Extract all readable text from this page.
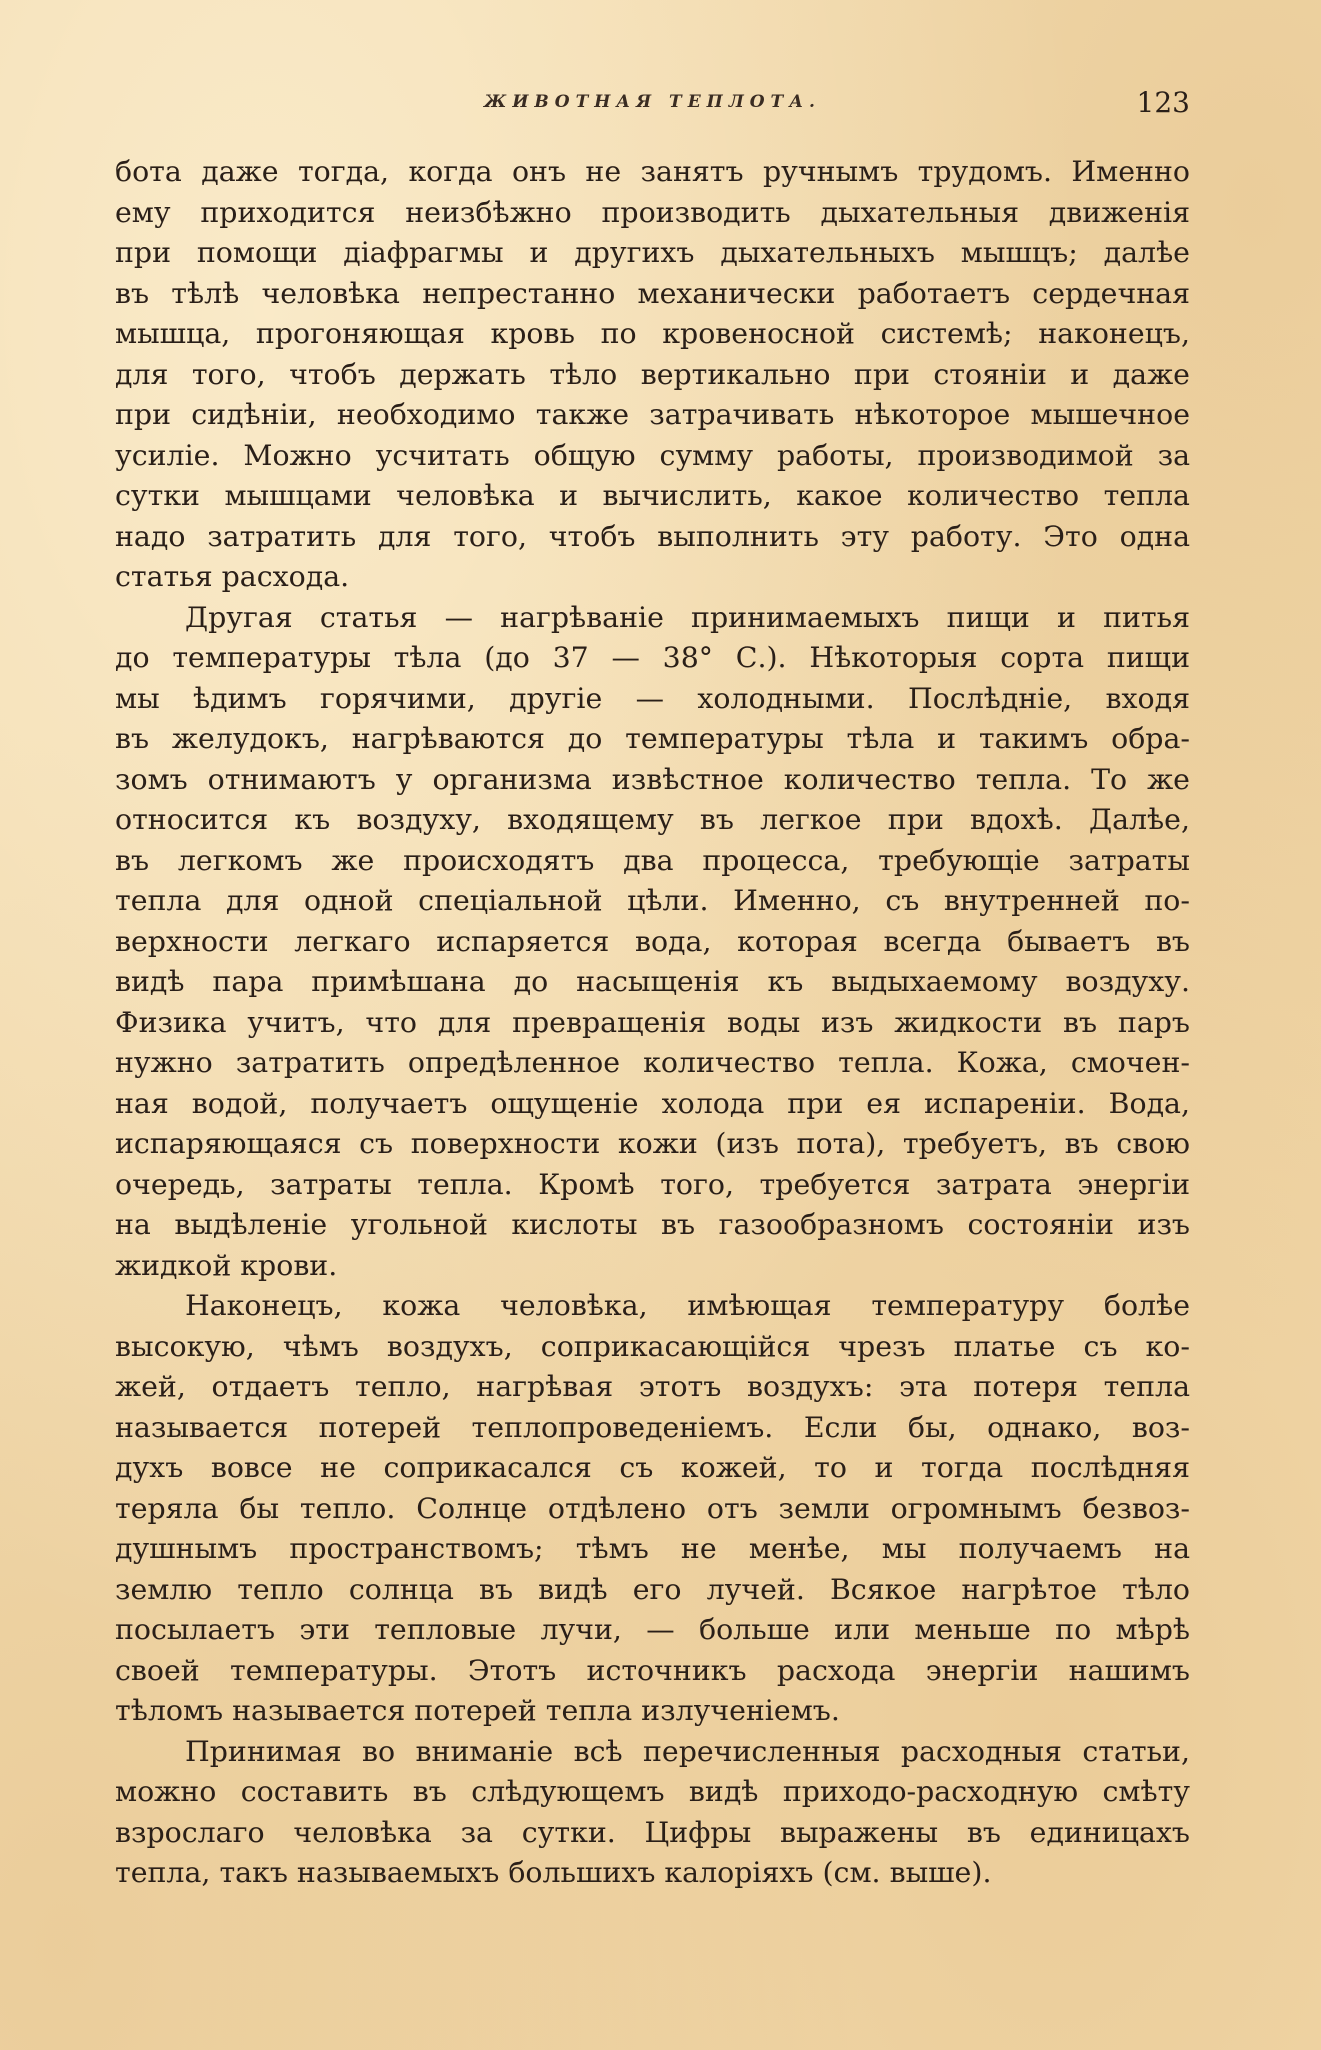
ЖИВОТНАЯ ТЕПЛОТА.	123
бота даже тогда, когда онъ не занятъ ручнымъ трудомъ. Именно
ему приходится неизбѣжно производить дыхательныя движенія
при помощи діафрагмы и другихъ дыхательныхъ мышцъ; далѣе
въ тѣлѣ человѣка непрестанно механически работаетъ сердечная
мышца, прогоняющая кровь по кровеносной системѣ; наконецъ,
для того, чтобъ держать тѣло вертикально при стояніи и даже
при сидѣніи, необходимо также затрачивать нѣкоторое мышечное
усиліе. Можно усчитать общую сумму работы, производимой за
сутки мышцами человѣка и вычислить, какое количество тепла
надо затратить для того, чтобъ выполнить эту работу. Это одна
статья расхода.
Другая статья — нагрѣваніе принимаемыхъ пищи и питья
до температуры тѣла (до 37 — 38° С.). Нѣкоторыя сорта пищи
мы ѣдимъ горячими, другіе — холодными. Послѣдніе, входя
въ желудокъ, нагрѣваются до температуры тѣла и такимъ обра-
зомъ отнимаютъ у организма извѣстное количество тепла. То же
относится къ воздуху, входящему въ легкое при вдохѣ. Далѣе,
въ легкомъ же происходятъ два процесса, требующіе затраты
тепла для одной спеціальной цѣли. Именно, съ внутренней по-
верхности легкаго испаряется вода, которая всегда бываетъ въ
видѣ пара примѣшана до насыщенія къ выдыхаемому воздуху.
Физика учитъ, что для превращенія воды изъ жидкости въ паръ
нужно затратить опредѣленное количество тепла. Кожа, смочен-
ная водой, получаетъ ощущеніе холода при ея испареніи. Вода,
испаряющаяся съ поверхности кожи (изъ пота), требуетъ, въ свою
очередь, затраты тепла. Кромѣ того, требуется затрата энергіи
на выдѣленіе угольной кислоты въ газообразномъ состояніи изъ
жидкой крови.
Наконецъ, кожа человѣка, имѣющая температуру болѣе
высокую, чѣмъ воздухъ, соприкасающійся чрезъ платье съ ко-
жей, отдаетъ тепло, нагрѣвая этотъ воздухъ: эта потеря тепла
называется потерей теплопроведеніемъ. Если бы, однако, воз-
духъ вовсе не соприкасался съ кожей, то и тогда послѣдняя
теряла бы тепло. Солнце отдѣлено отъ земли огромнымъ безвоз-
душнымъ пространствомъ; тѣмъ не менѣе, мы получаемъ на
землю тепло солнца въ видѣ его лучей. Всякое нагрѣтое тѣло
посылаетъ эти тепловые лучи, — больше или меньше по мѣрѣ
своей температуры. Этотъ источникъ расхода энергіи нашимъ
тѣломъ называется потерей тепла излученіемъ.
Принимая во вниманіе всѣ перечисленныя расходныя статьи,
можно составить въ слѣдующемъ видѣ приходо-расходную смѣту
взрослаго человѣка за сутки. Цифры выражены въ единицахъ
тепла, такъ называемыхъ большихъ калоріяхъ (см. выше).
